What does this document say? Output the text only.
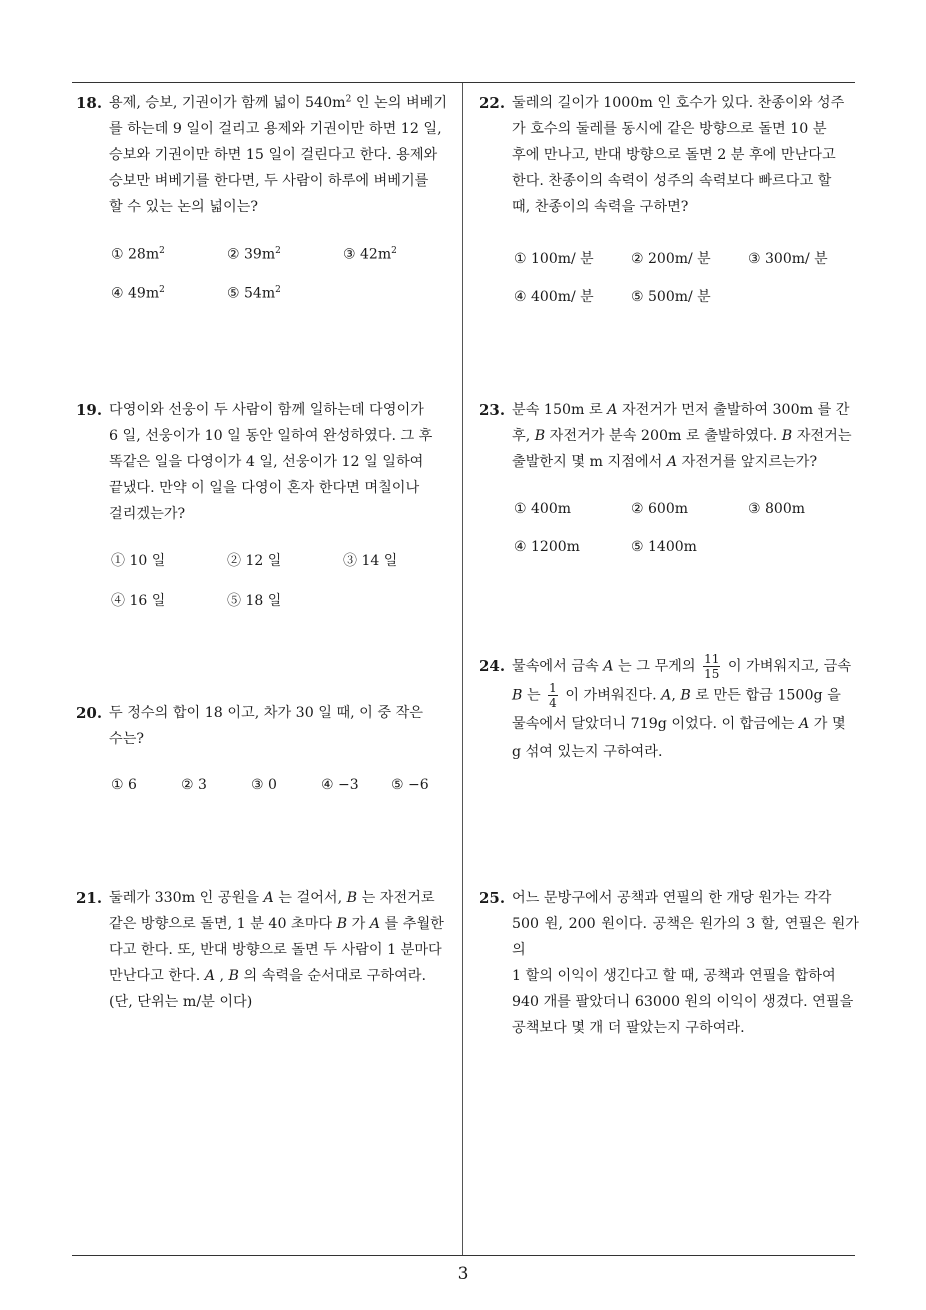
18. 용제, 승보, 기권이가 함께 넓이 $540m^2$ 인 논의 벼베기
를 하는데 9 일이 걸리고 용제와 기권이만 하면 12 일,
승보와 기권이만 하면 15 일이 걸린다고 한다. 용제와
승보만 벼베기를 한다면, 두 사람이 하루에 벼베기를
할 수 있는 논의 넓이는?
① $28m^2$	② $39m^2$	③ $42m^2$
④ $49m^2$	⑤ $54m^2$
19. 다영이와 선웅이 두 사람이 함께 일하는데 다영이가
6 일, 선웅이가 10 일 동안 일하여 완성하였다. 그 후
똑같은 일을 다영이가 4 일, 선웅이가 12 일 일하여
끝냈다. 만약 이 일을 다영이 혼자 한다면 며칠이나
걸리겠는가?
① 10 일	② 12 일	③ 14 일
④ 16 일	⑤ 18 일
20. 두 정수의 합이 18 이고, 차가 30 일 때, 이 중 작은
수는?
① 6	② 3	③ 0	④ −3 ⑤ −6
21. 둘레가 330m 인 공원을 A 는 걸어서, B 는 자전거로
같은 방향으로 돌면, 1 분 40 초마다 B 가 A 를 추월한
다고 한다. 또, 반대 방향으로 돌면 두 사람이 1 분마다
만난다고 한다. A , B 의 속력을 순서대로 구하여라.
(단, 단위는 m/분 이다)
22. 둘레의 길이가 1000m 인 호수가 있다. 찬종이와 성주
가 호수의 둘레를 동시에 같은 방향으로 돌면 10 분
후에 만나고, 반대 방향으로 돌면 2 분 후에 만난다고
한다. 찬종이의 속력이 성주의 속력보다 빠르다고 할
때, 찬종이의 속력을 구하면?
① 100m/ 분	② 200m/ 분	③ 300m/ 분
④ 400m/ 분	⑤ 500m/ 분
23. 분속 150m 로 A 자전거가 먼저 출발하여 300m 를 간
후, B 자전거가 분속 200m 로 출발하였다. B 자전거는
출발한지 몇 m 지점에서 A 자전거를 앞지르는가?
① 400m	② 600m	③ 800m
④ 1200m	⑤ 1400m
24. 물속에서 금속 A 는 그 무게의 $\frac{11}{15}$ 이 가벼워지고, 금속
B 는 $\frac{1}{4}$ 이 가벼워진다. A, B 로 만든 합금 1500g 을
물속에서 달았더니 719g 이었다. 이 합금에는 A 가 몇
g 섞여 있는지 구하여라.
25. 어느 문방구에서 공책과 연필의 한 개당 원가는 각각
500 원, 200 원이다. 공책은 원가의 3 할, 연필은 원가의
1 할의 이익이 생긴다고 할 때, 공책과 연필을 합하여
940 개를 팔았더니 63000 원의 이익이 생겼다. 연필을
공책보다 몇 개 더 팔았는지 구하여라.
3
